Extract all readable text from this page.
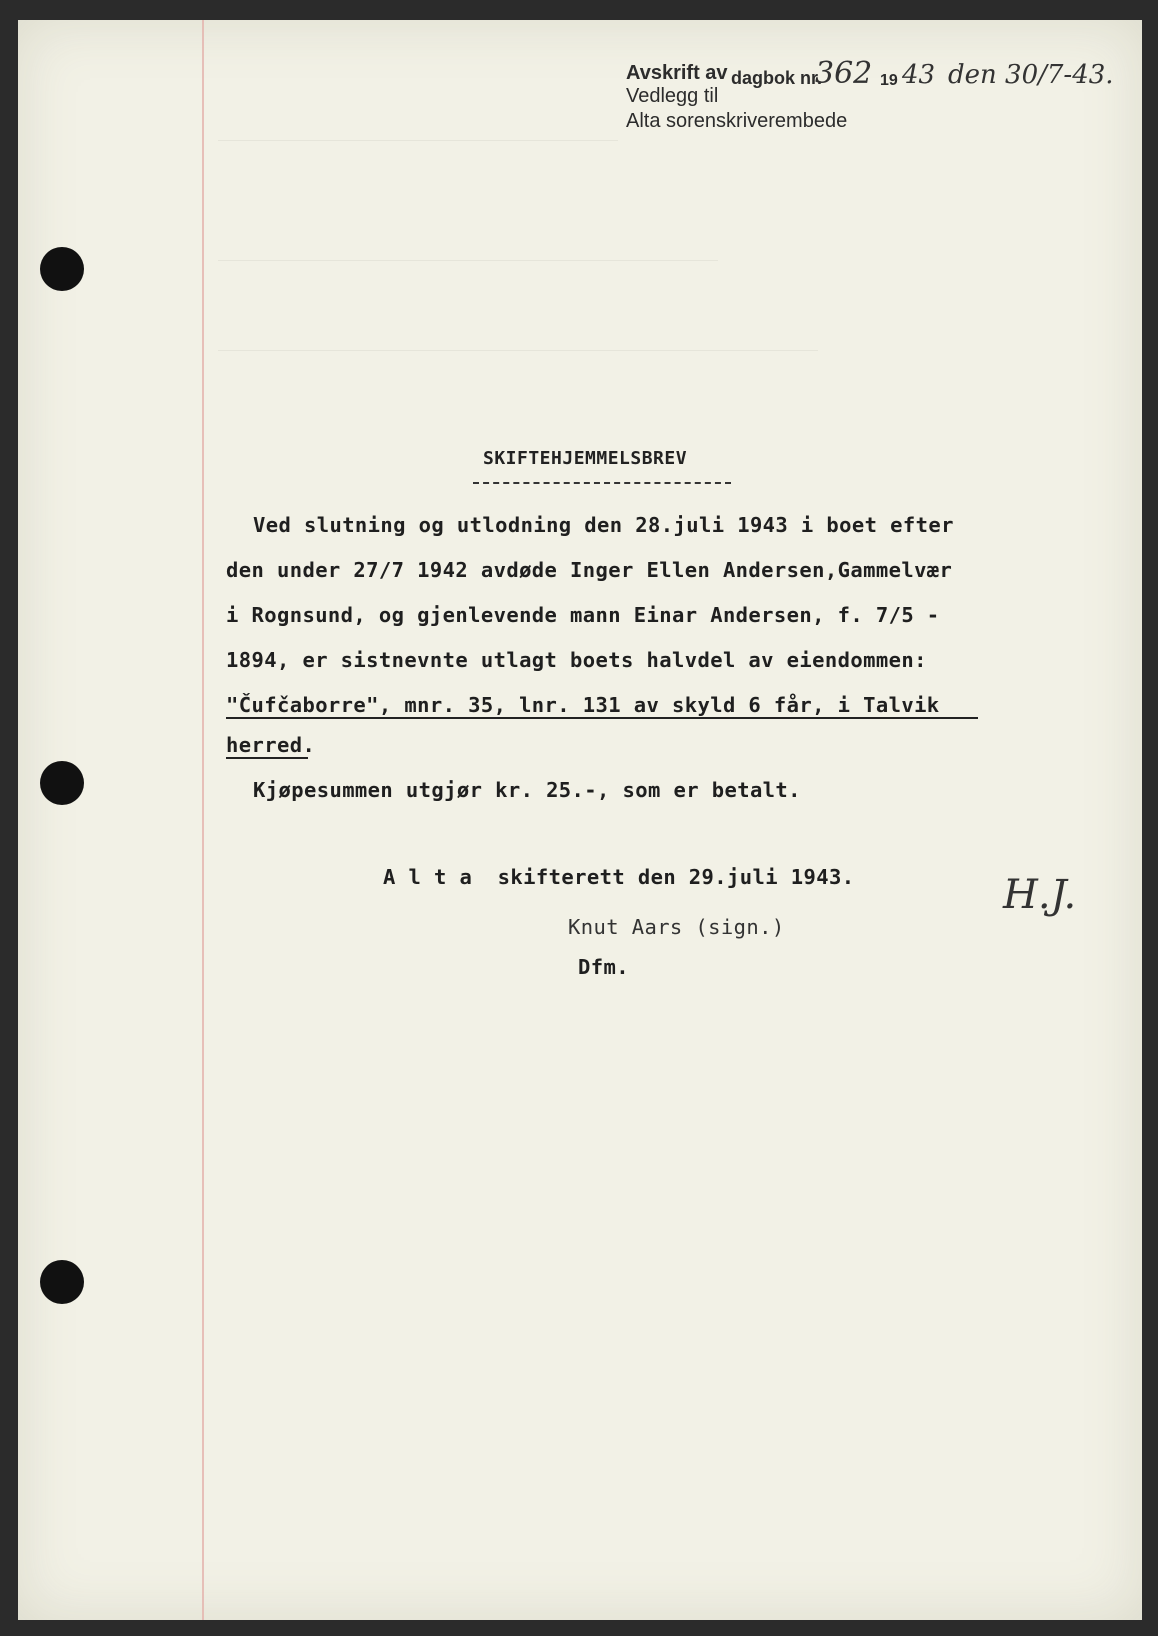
Avskrift av
Vedlegg til
dagbok nr.
362 19 43 den 30/7-43.
Alta sorenskriverembede
SKIFTEHJEMMELSBREV
Ved slutning og utlodning den 28.juli 1943 i boet efter
den under 27/7 1942 avdøde Inger Ellen Andersen,Gammelvær
i Rognsund, og gjenlevende mann Einar Andersen, f. 7/5 -
1894, er sistnevnte utlagt boets halvdel av eiendommen:
"Čufčaborre", mnr. 35, lnr. 131 av skyld 6 får, i Talvik
herred.
Kjøpesummen utgjør kr. 25.-, som er betalt.
A l t a  skifterett den 29.juli 1943.	H.J.
Knut Aars (sign.)
Dfm.
